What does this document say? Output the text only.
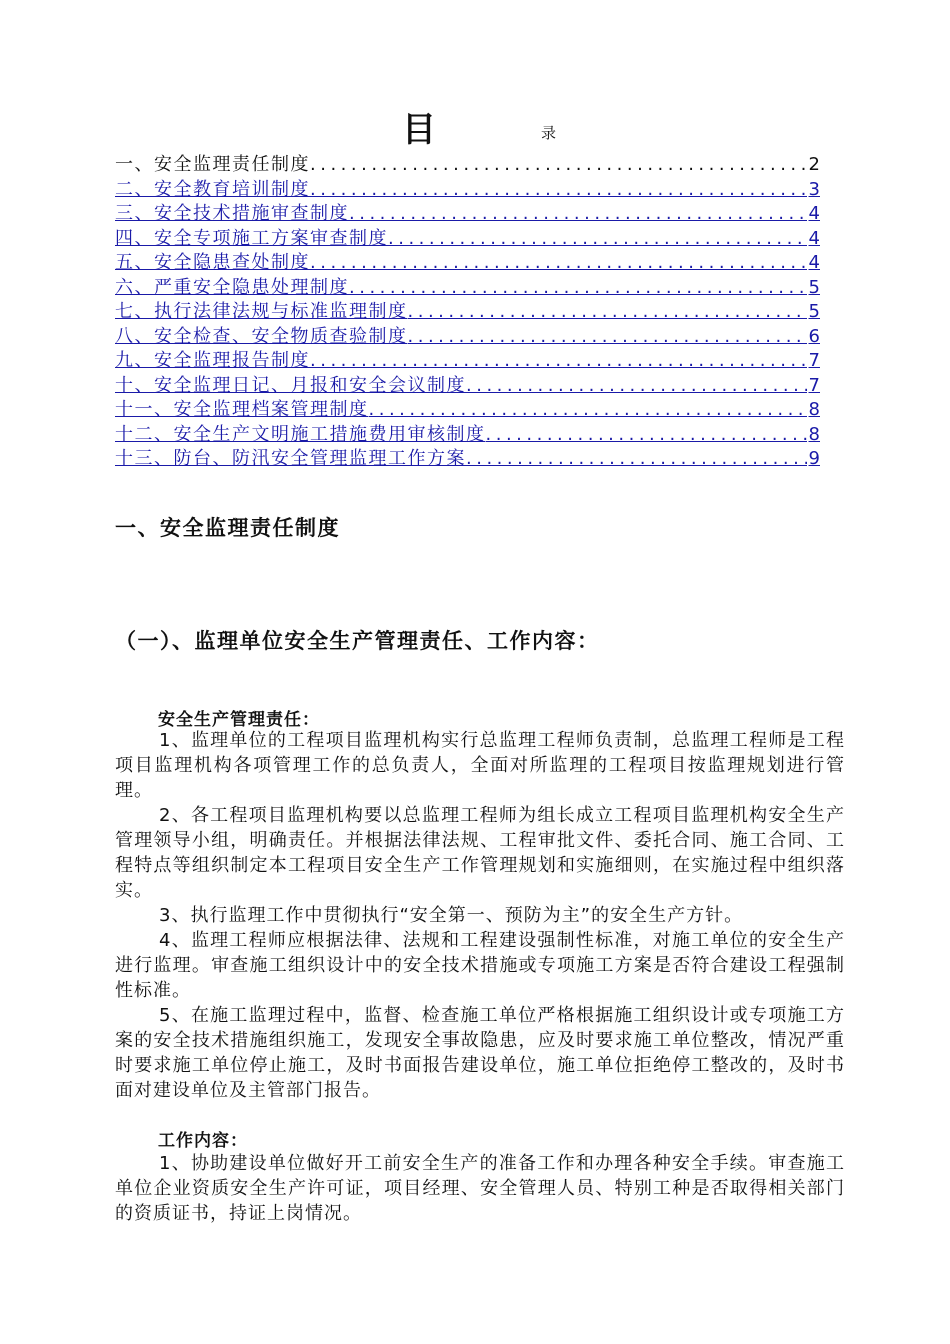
目	录
一、安全监理责任制度 .....	2
二、安全教育培训制度 .....	3
三、安全技术措施审查制度 .....	4
四、安全专项施工方案审查制度 .....	4
五、安全隐患查处制度 .....	4
六、严重安全隐患处理制度 .....	5
七、执行法律法规与标准监理制度 .....	5
八、安全检查、安全物质查验制度 .....	6
九、安全监理报告制度 .....	7
十、安全监理日记、月报和安全会议制度 .....	7
十一、安全监理档案管理制度 .....	8
十二、安全生产文明施工措施费用审核制度 .....	8
十三、防台、防汛安全管理监理工作方案 .....	9
一、安全监理责任制度
（一）、监理单位安全生产管理责任、工作内容：
安全生产管理责任：

1、监理单位的工程项目监理机构实行总监理工程师负责制，总监理工程师是工程项目监理机构各项管理工作的总负责人，全面对所监理的工程项目按监理规划进行管理。

2、各工程项目监理机构要以总监理工程师为组长成立工程项目监理机构安全生产管理领导小组，明确责任。并根据法律法规、工程审批文件、委托合同、施工合同、工程特点等组织制定本工程项目安全生产工作管理规划和实施细则，在实施过程中组织落实。

3、执行监理工作中贯彻执行“安全第一、预防为主”的安全生产方针。

4、监理工程师应根据法律、法规和工程建设强制性标准，对施工单位的安全生产进行监理。审查施工组织设计中的安全技术措施或专项施工方案是否符合建设工程强制性标准。

5、在施工监理过程中，监督、检查施工单位严格根据施工组织设计或专项施工方案的安全技术措施组织施工，发现安全事故隐患，应及时要求施工单位整改，情况严重时要求施工单位停止施工，及时书面报告建设单位，施工单位拒绝停工整改的，及时书面对建设单位及主管部门报告。

工作内容：

1、协助建设单位做好开工前安全生产的准备工作和办理各种安全手续。审查施工单位企业资质安全生产许可证，项目经理、安全管理人员、特别工种是否取得相关部门的资质证书，持证上岗情况。
